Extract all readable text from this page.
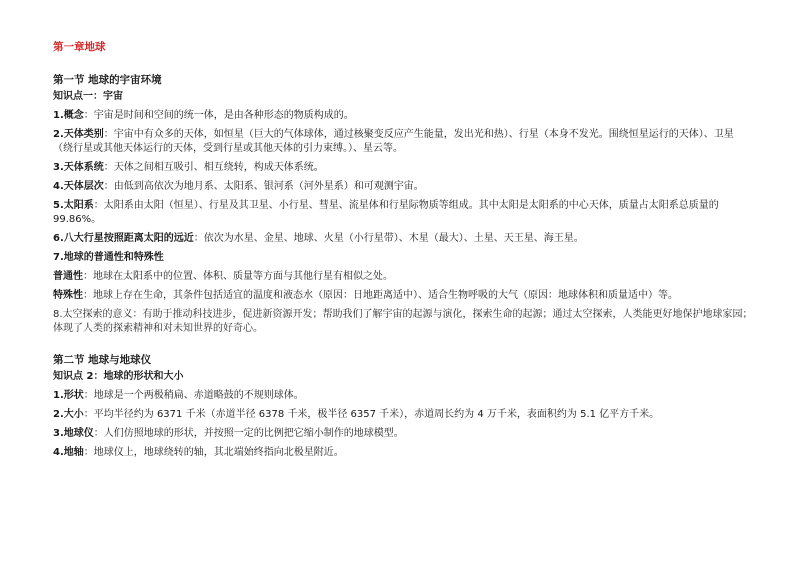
第一章地球

第一节 地球的宇宙环境

知识点一：宇宙

1.概念：宇宙是时间和空间的统一体，是由各种形态的物质构成的。

2.天体类别：宇宙中有众多的天体，如恒星（巨大的气体球体，通过核聚变反应产生能量，发出光和热）、行星（本身不发光。围绕恒星运行的天体）、卫星（绕行星或其他天体运行的天体，受到行星或其他天体的引力束缚。）、星云等。

3.天体系统：天体之间相互吸引、相互绕转，构成天体系统。

4.天体层次：由低到高依次为地月系、太阳系、银河系（河外星系）和可观测宇宙。

5.太阳系：太阳系由太阳（恒星）、行星及其卫星、小行星、彗星、流星体和行星际物质等组成。其中太阳是太阳系的中心天体，质量占太阳系总质量的 99.86%。

6.八大行星按照距离太阳的远近：依次为水星、金星、地球、火星（小行星带）、木星（最大）、土星、天王星、海王星。

7.地球的普通性和特殊性

普通性：地球在太阳系中的位置、体积、质量等方面与其他行星有相似之处。

特殊性：地球上存在生命，其条件包括适宜的温度和液态水（原因：日地距离适中）、适合生物呼吸的大气（原因：地球体积和质量适中）等。

8.太空探索的意义：有助于推动科技进步，促进新资源开发；帮助我们了解宇宙的起源与演化，探索生命的起源；通过太空探索，人类能更好地保护地球家园；体现了人类的探索精神和对未知世界的好奇心。

第二节 地球与地球仪

知识点 2：地球的形状和大小

1.形状：地球是一个两极稍扁、赤道略鼓的不规则球体。

2.大小：平均半径约为 6371 千米（赤道半径 6378 千米，极半径 6357 千米），赤道周长约为 4 万千米，表面积约为 5.1 亿平方千米。

3.地球仪：人们仿照地球的形状，并按照一定的比例把它缩小制作的地球模型。

4.地轴：地球仪上，地球绕转的轴，其北端始终指向北极星附近。
